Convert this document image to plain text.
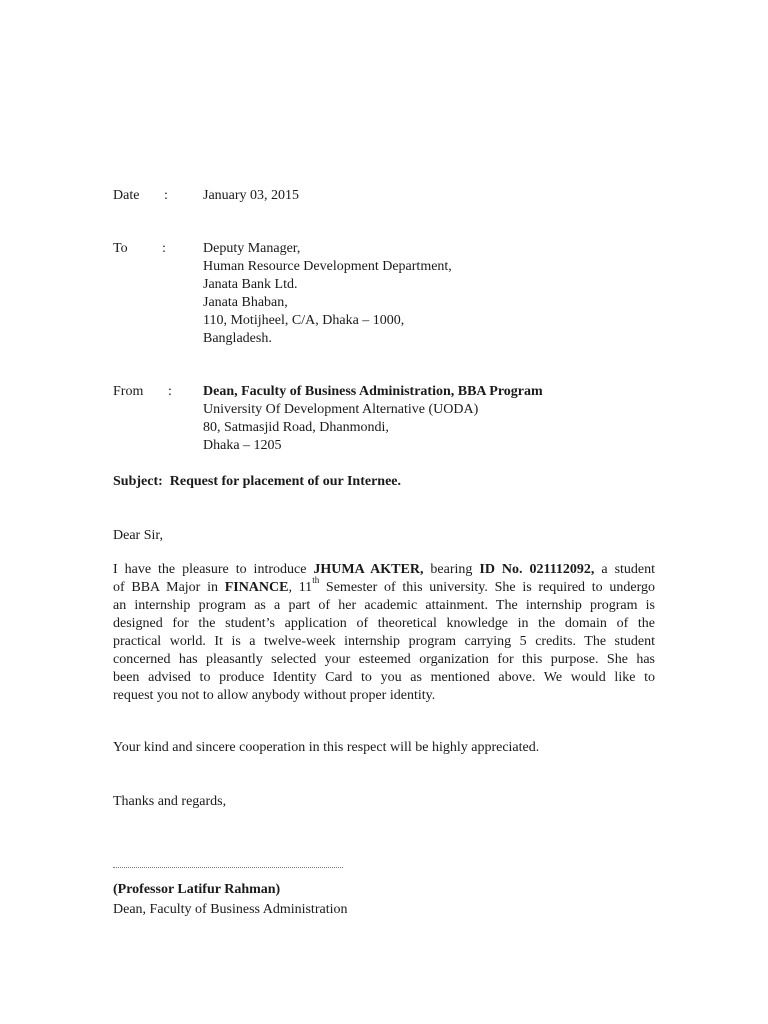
Date :	January 03, 2015
To :	Deputy Manager,
Human Resource Development Department,
Janata Bank Ltd.
Janata Bhaban,
110, Motijheel, C/A, Dhaka – 1000,
Bangladesh.
From : Dean, Faculty of Business Administration, BBA Program
University Of Development Alternative (UODA)
80, Satmasjid Road, Dhanmondi,
Dhaka – 1205
Subject: Request for placement of our Internee.
Dear Sir,
I have the pleasure to introduce JHUMA AKTER, bearing ID No. 021112092, a student
of BBA Major in FINANCE, 11th Semester of this university. She is required to undergo
an internship program as a part of her academic attainment. The internship program is
designed for the student’s application of theoretical knowledge in the domain of the
practical world. It is a twelve-week internship program carrying 5 credits. The student
concerned has pleasantly selected your esteemed organization for this purpose. She has
been advised to produce Identity Card to you as mentioned above. We would like to
request you not to allow anybody without proper identity.
Your kind and sincere cooperation in this respect will be highly appreciated.
Thanks and regards,
(Professor Latifur Rahman)
Dean, Faculty of Business Administration
